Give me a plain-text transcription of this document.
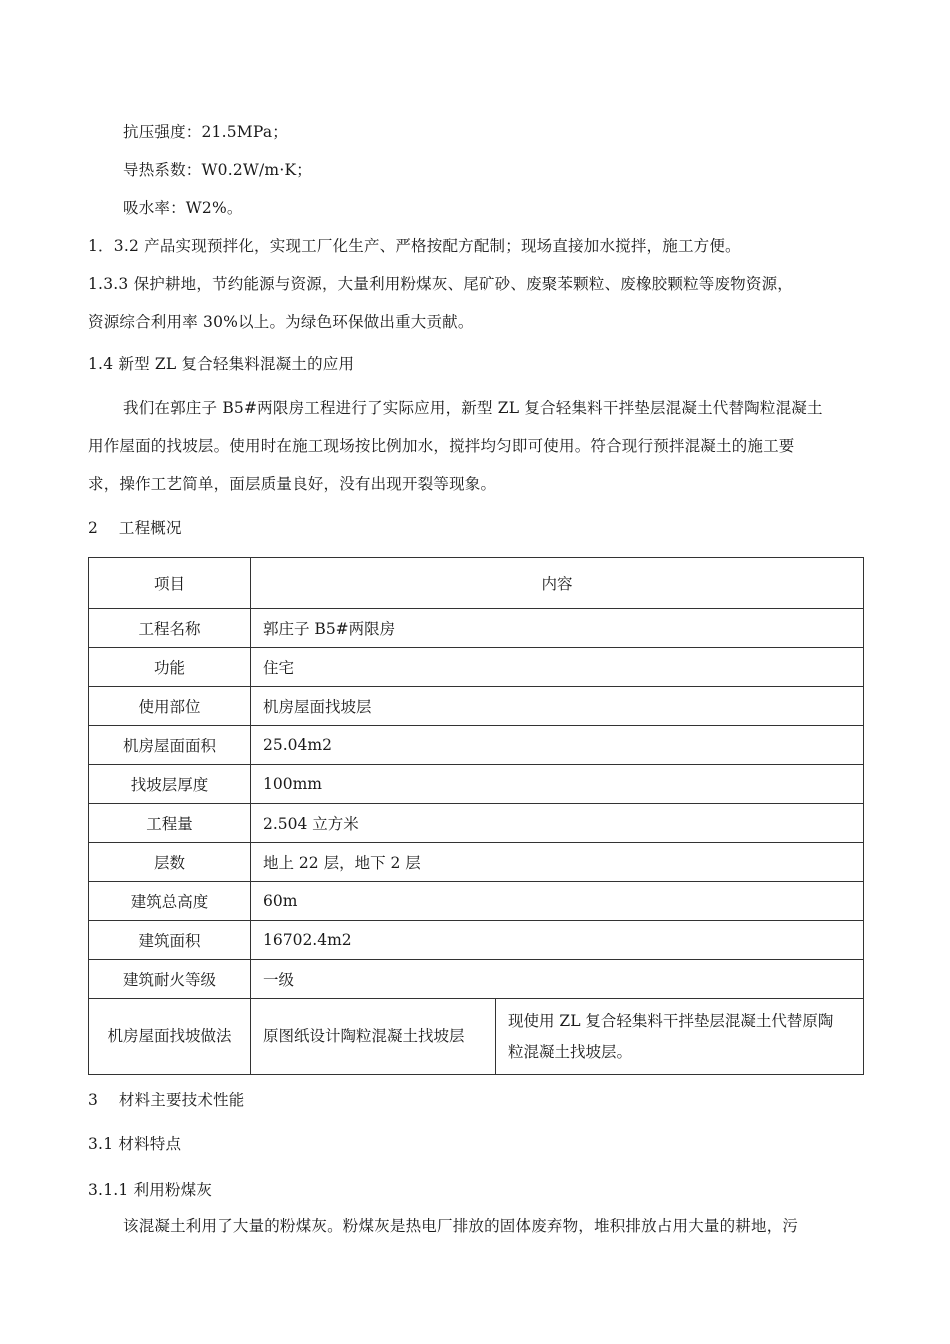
抗压强度：21.5MPa；
导热系数：W0.2W/m·K；
吸水率：W2%。
1．3.2 产品实现预拌化，实现工厂化生产、严格按配方配制；现场直接加水搅拌，施工方便。
1.3.3 保护耕地，节约能源与资源，大量利用粉煤灰、尾矿砂、废聚苯颗粒、废橡胶颗粒等废物资源，
资源综合利用率 30%以上。为绿色环保做出重大贡献。
1.4 新型 ZL 复合轻集料混凝土的应用
我们在郭庄子 B5#两限房工程进行了实际应用，新型 ZL 复合轻集料干拌垫层混凝土代替陶粒混凝土
用作屋面的找坡层。使用时在施工现场按比例加水，搅拌均匀即可使用。符合现行预拌混凝土的施工要
求，操作工艺简单，面层质量良好，没有出现开裂等现象。
2　 工程概况
项目	内容	
工程名称	郭庄子 B5#两限房	
功能	住宅	
使用部位	机房屋面找坡层	
机房屋面面积	25.04m2	
找坡层厚度	100mm	
工程量	2.504 立方米	
层数	地上 22 层，地下 2 层	
建筑总高度	60m	
建筑面积	16702.4m2	
建筑耐火等级	一级	
机房屋面找坡做法	原图纸设计陶粒混凝土找坡层	现使用 ZL 复合轻集料干拌垫层混凝土代替原陶
粒混凝土找坡层。
3　 材料主要技术性能
3.1 材料特点
3.1.1 利用粉煤灰
该混凝土利用了大量的粉煤灰。粉煤灰是热电厂排放的固体废弃物，堆积排放占用大量的耕地，污
